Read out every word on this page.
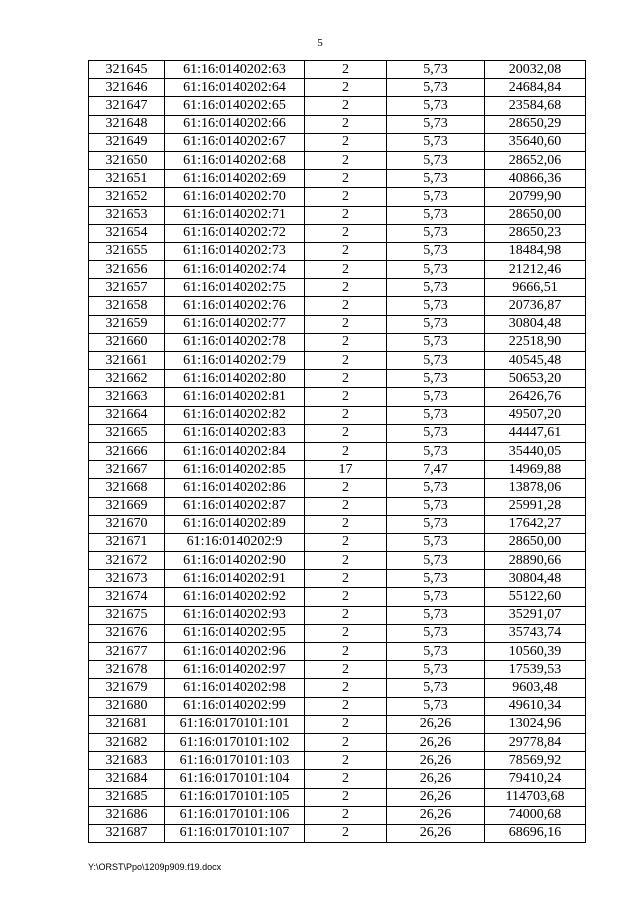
5
321645	61:16:0140202:63	2	5,73	20032,08
321646	61:16:0140202:64	2	5,73	24684,84
321647	61:16:0140202:65	2	5,73	23584,68
321648	61:16:0140202:66	2	5,73	28650,29
321649	61:16:0140202:67	2	5,73	35640,60
321650	61:16:0140202:68	2	5,73	28652,06
321651	61:16:0140202:69	2	5,73	40866,36
321652	61:16:0140202:70	2	5,73	20799,90
321653	61:16:0140202:71	2	5,73	28650,00
321654	61:16:0140202:72	2	5,73	28650,23
321655	61:16:0140202:73	2	5,73	18484,98
321656	61:16:0140202:74	2	5,73	21212,46
321657	61:16:0140202:75	2	5,73	9666,51
321658	61:16:0140202:76	2	5,73	20736,87
321659	61:16:0140202:77	2	5,73	30804,48
321660	61:16:0140202:78	2	5,73	22518,90
321661	61:16:0140202:79	2	5,73	40545,48
321662	61:16:0140202:80	2	5,73	50653,20
321663	61:16:0140202:81	2	5,73	26426,76
321664	61:16:0140202:82	2	5,73	49507,20
321665	61:16:0140202:83	2	5,73	44447,61
321666	61:16:0140202:84	2	5,73	35440,05
321667	61:16:0140202:85	17	7,47	14969,88
321668	61:16:0140202:86	2	5,73	13878,06
321669	61:16:0140202:87	2	5,73	25991,28
321670	61:16:0140202:89	2	5,73	17642,27
321671	61:16:0140202:9	2	5,73	28650,00
321672	61:16:0140202:90	2	5,73	28890,66
321673	61:16:0140202:91	2	5,73	30804,48
321674	61:16:0140202:92	2	5,73	55122,60
321675	61:16:0140202:93	2	5,73	35291,07
321676	61:16:0140202:95	2	5,73	35743,74
321677	61:16:0140202:96	2	5,73	10560,39
321678	61:16:0140202:97	2	5,73	17539,53
321679	61:16:0140202:98	2	5,73	9603,48
321680	61:16:0140202:99	2	5,73	49610,34
321681	61:16:0170101:101	2	26,26	13024,96
321682	61:16:0170101:102	2	26,26	29778,84
321683	61:16:0170101:103	2	26,26	78569,92
321684	61:16:0170101:104	2	26,26	79410,24
321685	61:16:0170101:105	2	26,26	114703,68
321686	61:16:0170101:106	2	26,26	74000,68
321687	61:16:0170101:107	2	26,26	68696,16
Y:\ORST\Ppo\1209p909.f19.docx
